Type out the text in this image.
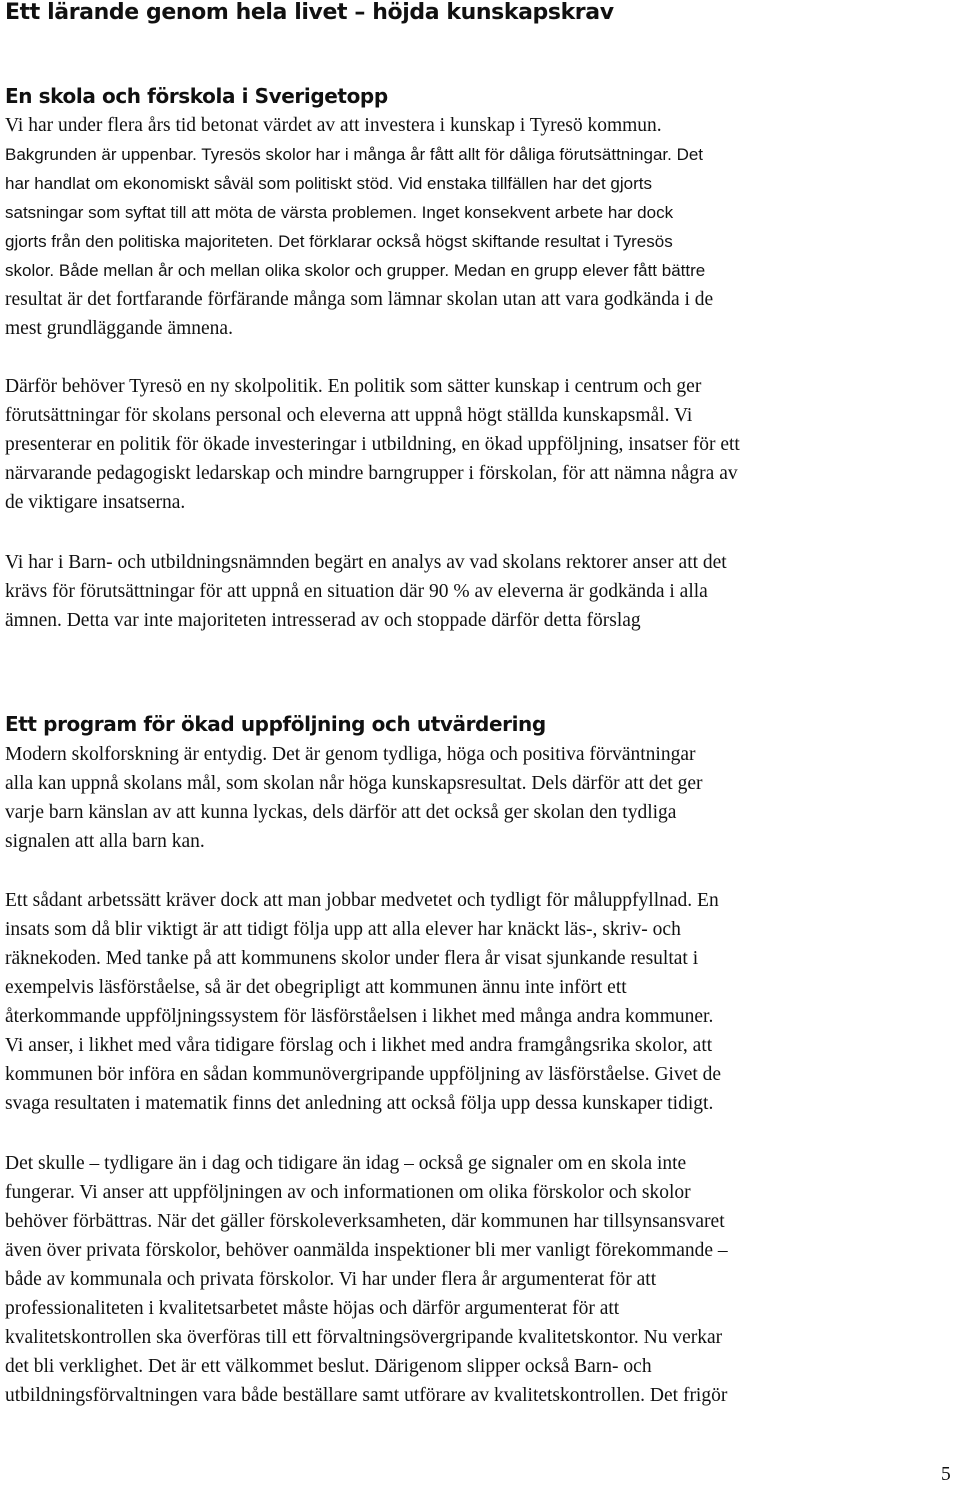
Ett lärande genom hela livet – höjda kunskapskrav
En skola och förskola i Sverigetopp
Vi har under flera års tid betonat värdet av att investera i kunskap i Tyresö kommun.
Bakgrunden är uppenbar. Tyresös skolor har i många år fått allt för dåliga förutsättningar. Det
har handlat om ekonomiskt såväl som politiskt stöd. Vid enstaka tillfällen har det gjorts
satsningar som syftat till att möta de värsta problemen. Inget konsekvent arbete har dock
gjorts från den politiska majoriteten. Det förklarar också högst skiftande resultat i Tyresös
skolor. Både mellan år och mellan olika skolor och grupper. Medan en grupp elever fått bättre
resultat är det fortfarande förfärande många som lämnar skolan utan att vara godkända i de
mest grundläggande ämnena.
Därför behöver Tyresö en ny skolpolitik. En politik som sätter kunskap i centrum och ger
förutsättningar för skolans personal och eleverna att uppnå högt ställda kunskapsmål. Vi
presenterar en politik för ökade investeringar i utbildning, en ökad uppföljning, insatser för ett
närvarande pedagogiskt ledarskap och mindre barngrupper i förskolan, för att nämna några av
de viktigare insatserna.
Vi har i Barn- och utbildningsnämnden begärt en analys av vad skolans rektorer anser att det
krävs för förutsättningar för att uppnå en situation där 90 % av eleverna är godkända i alla
ämnen. Detta var inte majoriteten intresserad av och stoppade därför detta förslag
Ett program för ökad uppföljning och utvärdering
Modern skolforskning är entydig. Det är genom tydliga, höga och positiva förväntningar
alla kan uppnå skolans mål, som skolan når höga kunskapsresultat. Dels därför att det ger
varje barn känslan av att kunna lyckas, dels därför att det också ger skolan den tydliga
signalen att alla barn kan.
Ett sådant arbetssätt kräver dock att man jobbar medvetet och tydligt för måluppfyllnad. En
insats som då blir viktigt är att tidigt följa upp att alla elever har knäckt läs-, skriv- och
räknekoden. Med tanke på att kommunens skolor under flera år visat sjunkande resultat i
exempelvis läsförståelse, så är det obegripligt att kommunen ännu inte infört ett
återkommande uppföljningssystem för läsförståelsen i likhet med många andra kommuner.
Vi anser, i likhet med våra tidigare förslag och i likhet med andra framgångsrika skolor, att
kommunen bör införa en sådan kommunövergripande uppföljning av läsförståelse. Givet de
svaga resultaten i matematik finns det anledning att också följa upp dessa kunskaper tidigt.
Det skulle – tydligare än i dag och tidigare än idag – också ge signaler om en skola inte
fungerar. Vi anser att uppföljningen av och informationen om olika förskolor och skolor
behöver förbättras. När det gäller förskoleverksamheten, där kommunen har tillsynsansvaret
även över privata förskolor, behöver oanmälda inspektioner bli mer vanligt förekommande –
både av kommunala och privata förskolor. Vi har under flera år argumenterat för att
professionaliteten i kvalitetsarbetet måste höjas och därför argumenterat för att
kvalitetskontrollen ska överföras till ett förvaltningsövergripande kvalitetskontor. Nu verkar
det bli verklighet. Det är ett välkommet beslut. Därigenom slipper också Barn- och
utbildningsförvaltningen vara både beställare samt utförare av kvalitetskontrollen. Det frigör
5
